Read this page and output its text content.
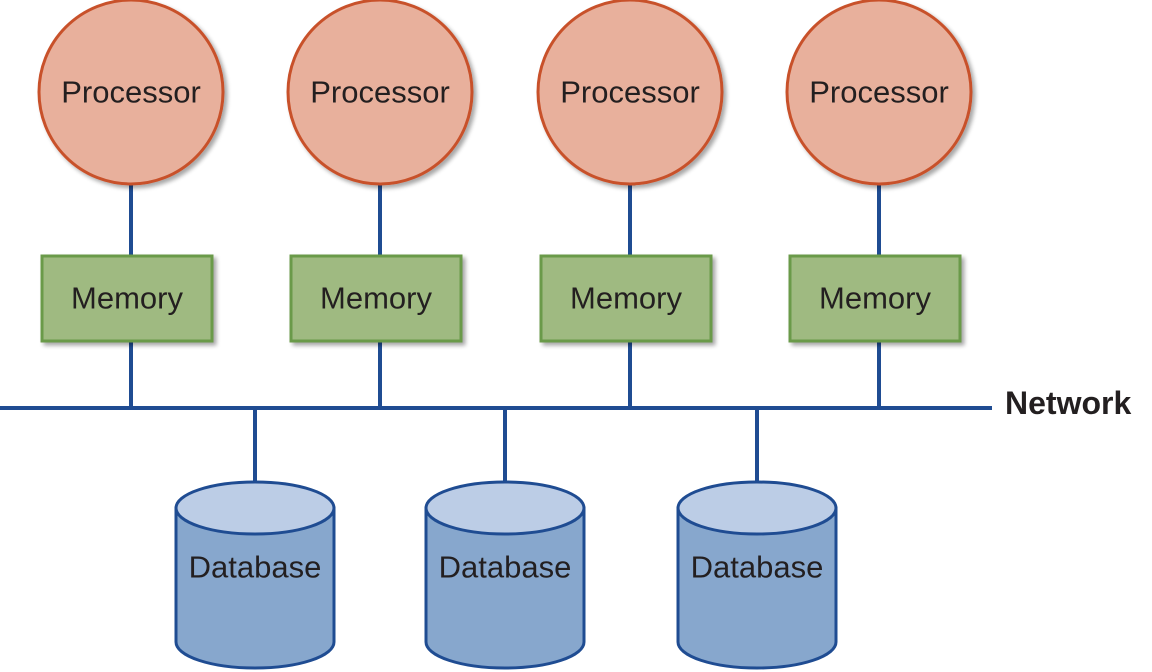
Network
Processor	Processor	Processor	Processor
Memory	Memory	Memory	Memory
Database	Database	Database
